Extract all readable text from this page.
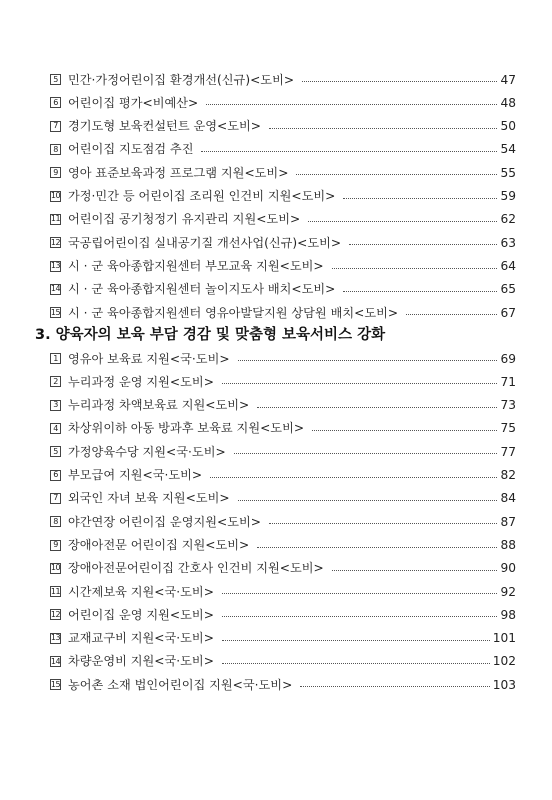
5 민간·가정어린이집 환경개선(신규)<도비>	47
6 어린이집 평가<비예산>	48
7 경기도형 보육컨설턴트 운영<도비>	50
8 어린이집 지도점검 추진	54
9 영아 표준보육과정 프로그램 지원<도비>	55
10 가정·민간 등 어린이집 조리원 인건비 지원<도비>	59
11 어린이집 공기청정기 유지관리 지원<도비>	62
12 국공립어린이집 실내공기질 개선사업(신규)<도비>	63
13 시 · 군 육아종합지원센터 부모교육 지원<도비>	64
14 시 · 군 육아종합지원센터 놀이지도사 배치<도비>	65
15 시 · 군 육아종합지원센터 영유아발달지원 상담원 배치<도비>	67
3. 양육자의 보육 부담 경감 및 맞춤형 보육서비스 강화
1 영유아 보육료 지원<국·도비>	69
2 누리과정 운영 지원<도비>	71
3 누리과정 차액보육료 지원<도비>	73
4 차상위이하 아동 방과후 보육료 지원<도비>	75
5 가정양육수당 지원<국·도비>	77
6 부모급여 지원<국·도비>	82
7 외국인 자녀 보육 지원<도비>	84
8 야간연장 어린이집 운영지원<도비>	87
9 장애아전문 어린이집 지원<도비>	88
10 장애아전문어린이집 간호사 인건비 지원<도비>	90
11 시간제보육 지원<국·도비>	92
12 어린이집 운영 지원<도비>	98
13 교재교구비 지원<국·도비>	101
14 차량운영비 지원<국·도비>	102
15 농어촌 소재 법인어린이집 지원<국·도비>	103
